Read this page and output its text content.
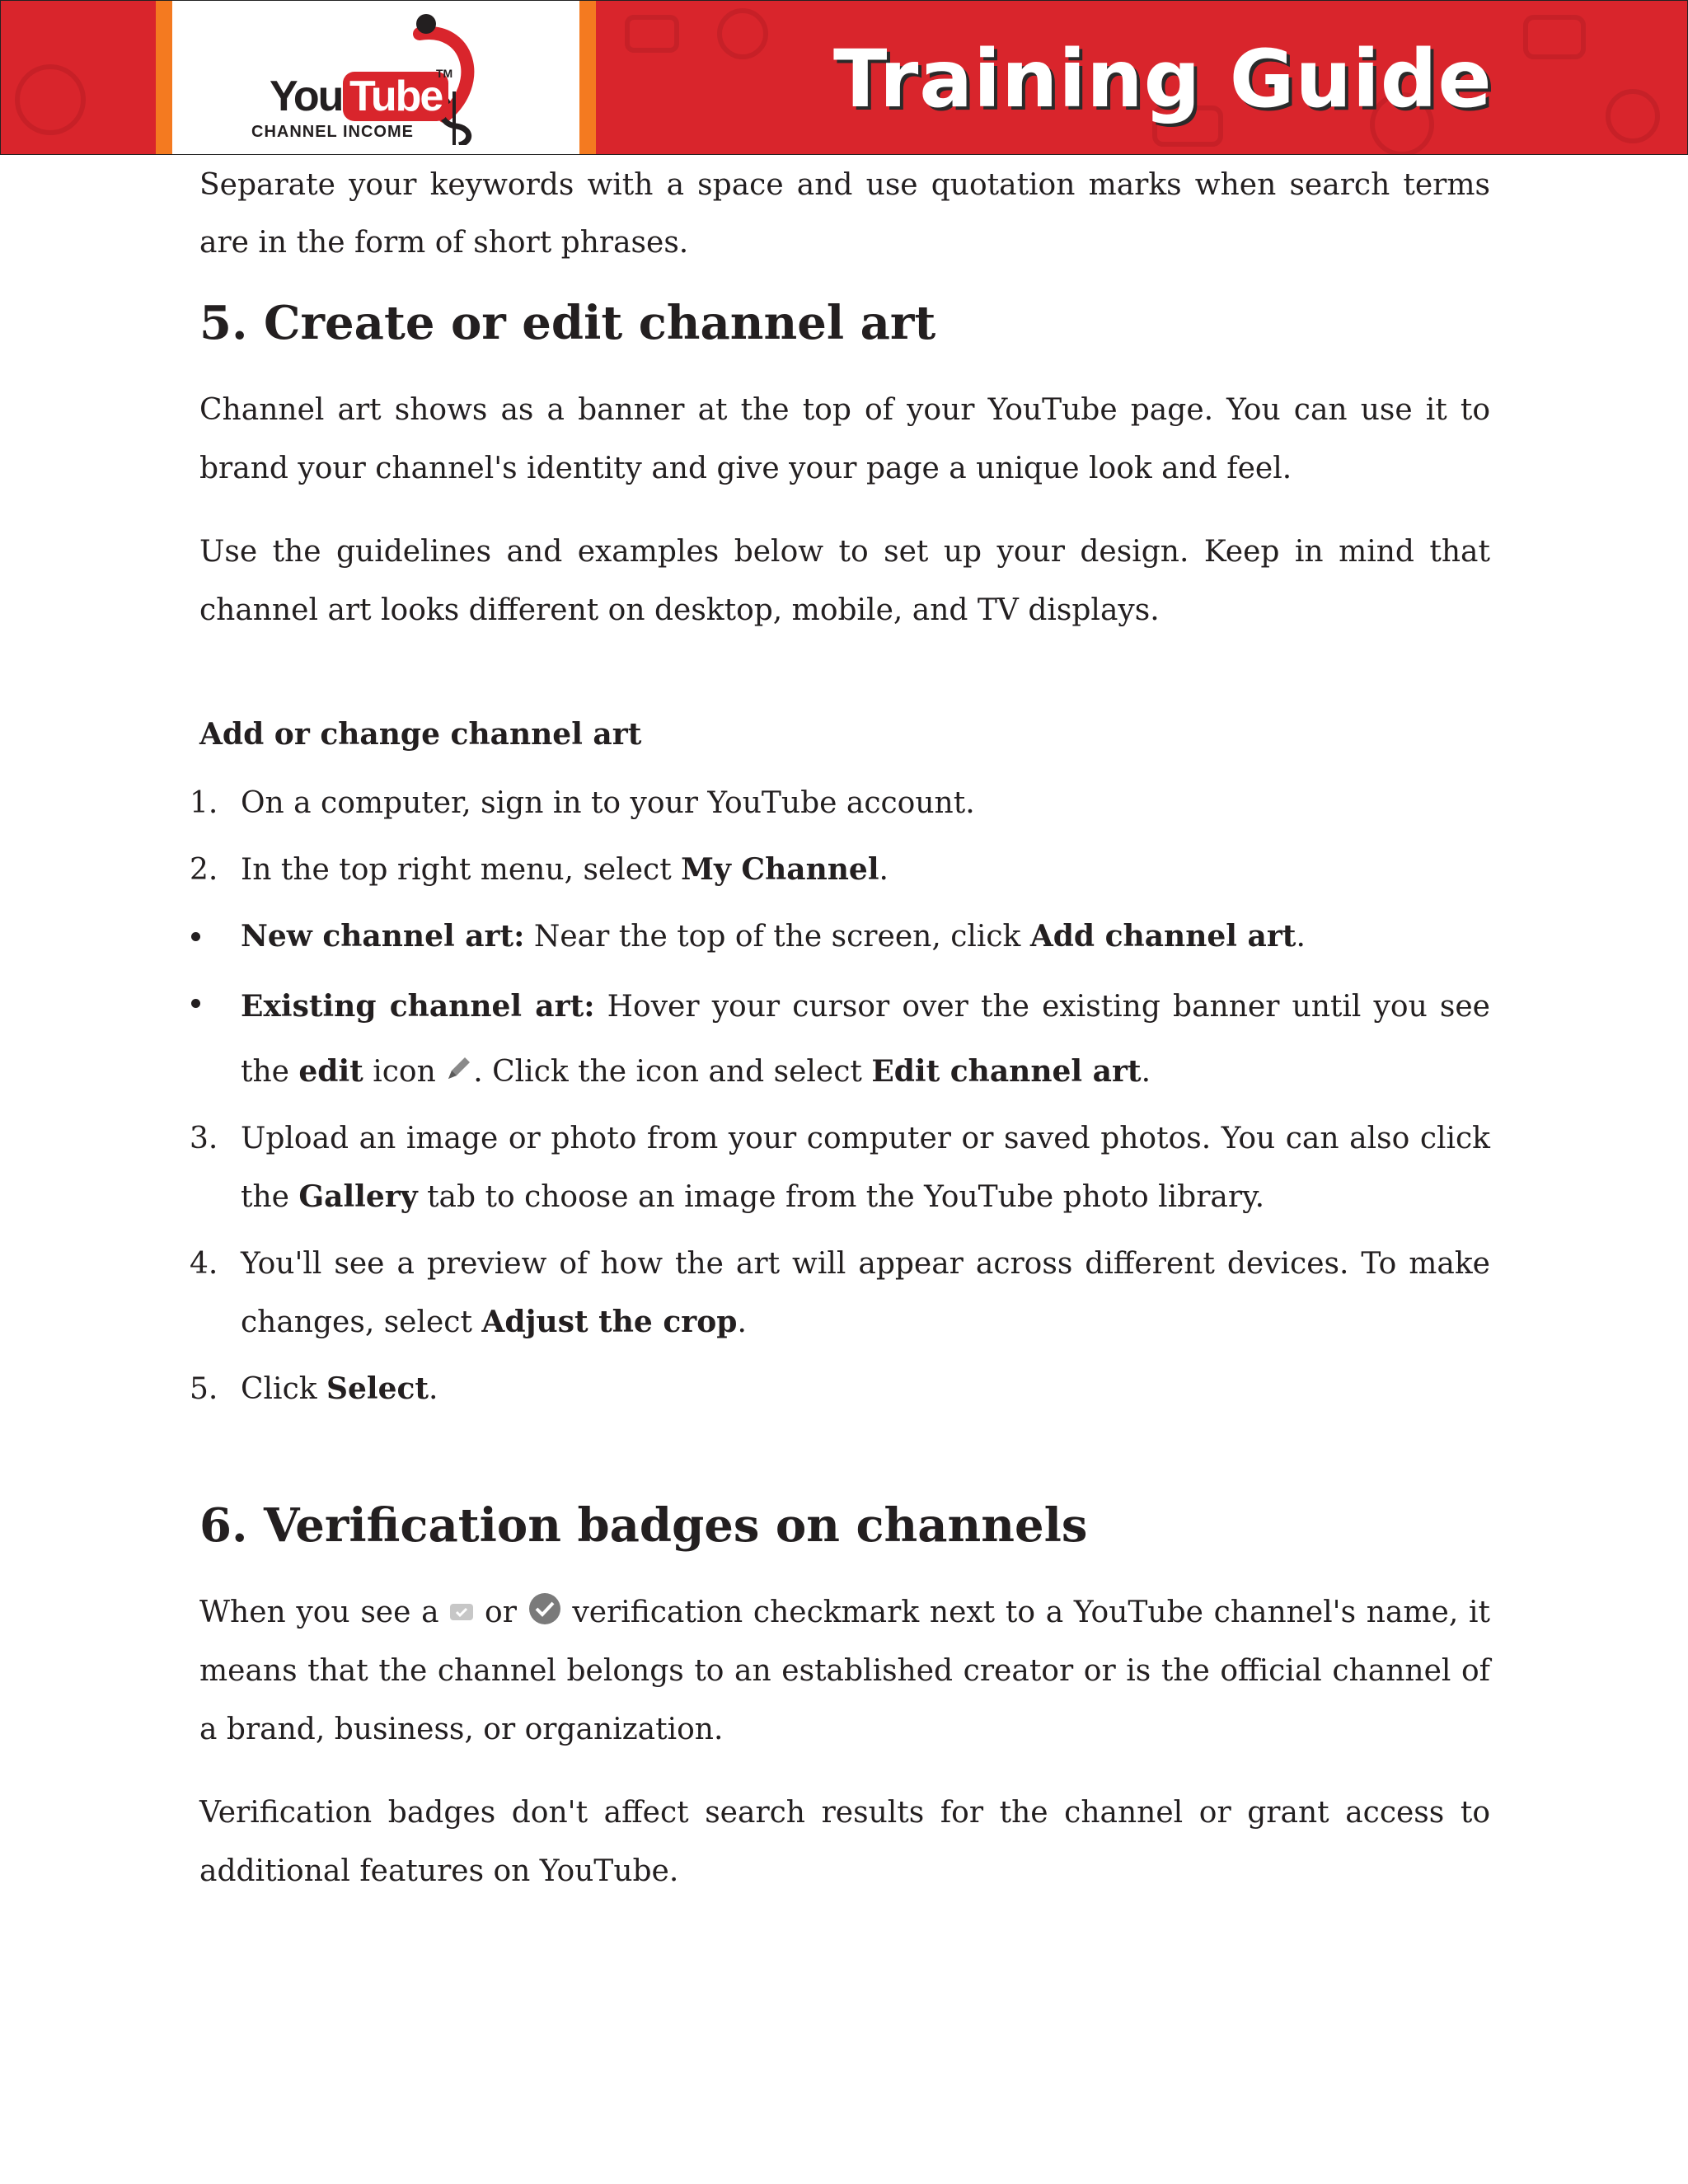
You Tube
TM
CHANNEL INCOME
Training Guide

Separate your keywords with a space and use quotation marks when search terms are in the form of short phrases.

5. Create or edit channel art

Channel art shows as a banner at the top of your YouTube page. You can use it to brand your channel's identity and give your page a unique look and feel.

Use the guidelines and examples below to set up your design. Keep in mind that channel art looks different on desktop, mobile, and TV displays.

Add or change channel art
1. On a computer, sign in to your YouTube account.
2. In the top right menu, select My Channel.
New channel art: Near the top of the screen, click Add channel art.
Existing channel art: Hover your cursor over the existing banner until you see the edit icon . Click the icon and select Edit channel art.
3. Upload an image or photo from your computer or saved photos. You can also click the Gallery tab to choose an image from the YouTube photo library.
4. You'll see a preview of how the art will appear across different devices. To make changes, select Adjust the crop.
5. Click Select.
6. Verification badges on channels

When you see a  or  verification checkmark next to a YouTube channel's name, it means that the channel belongs to an established creator or is the official channel of a brand, business, or organization.

Verification badges don't affect search results for the channel or grant access to additional features on YouTube.
